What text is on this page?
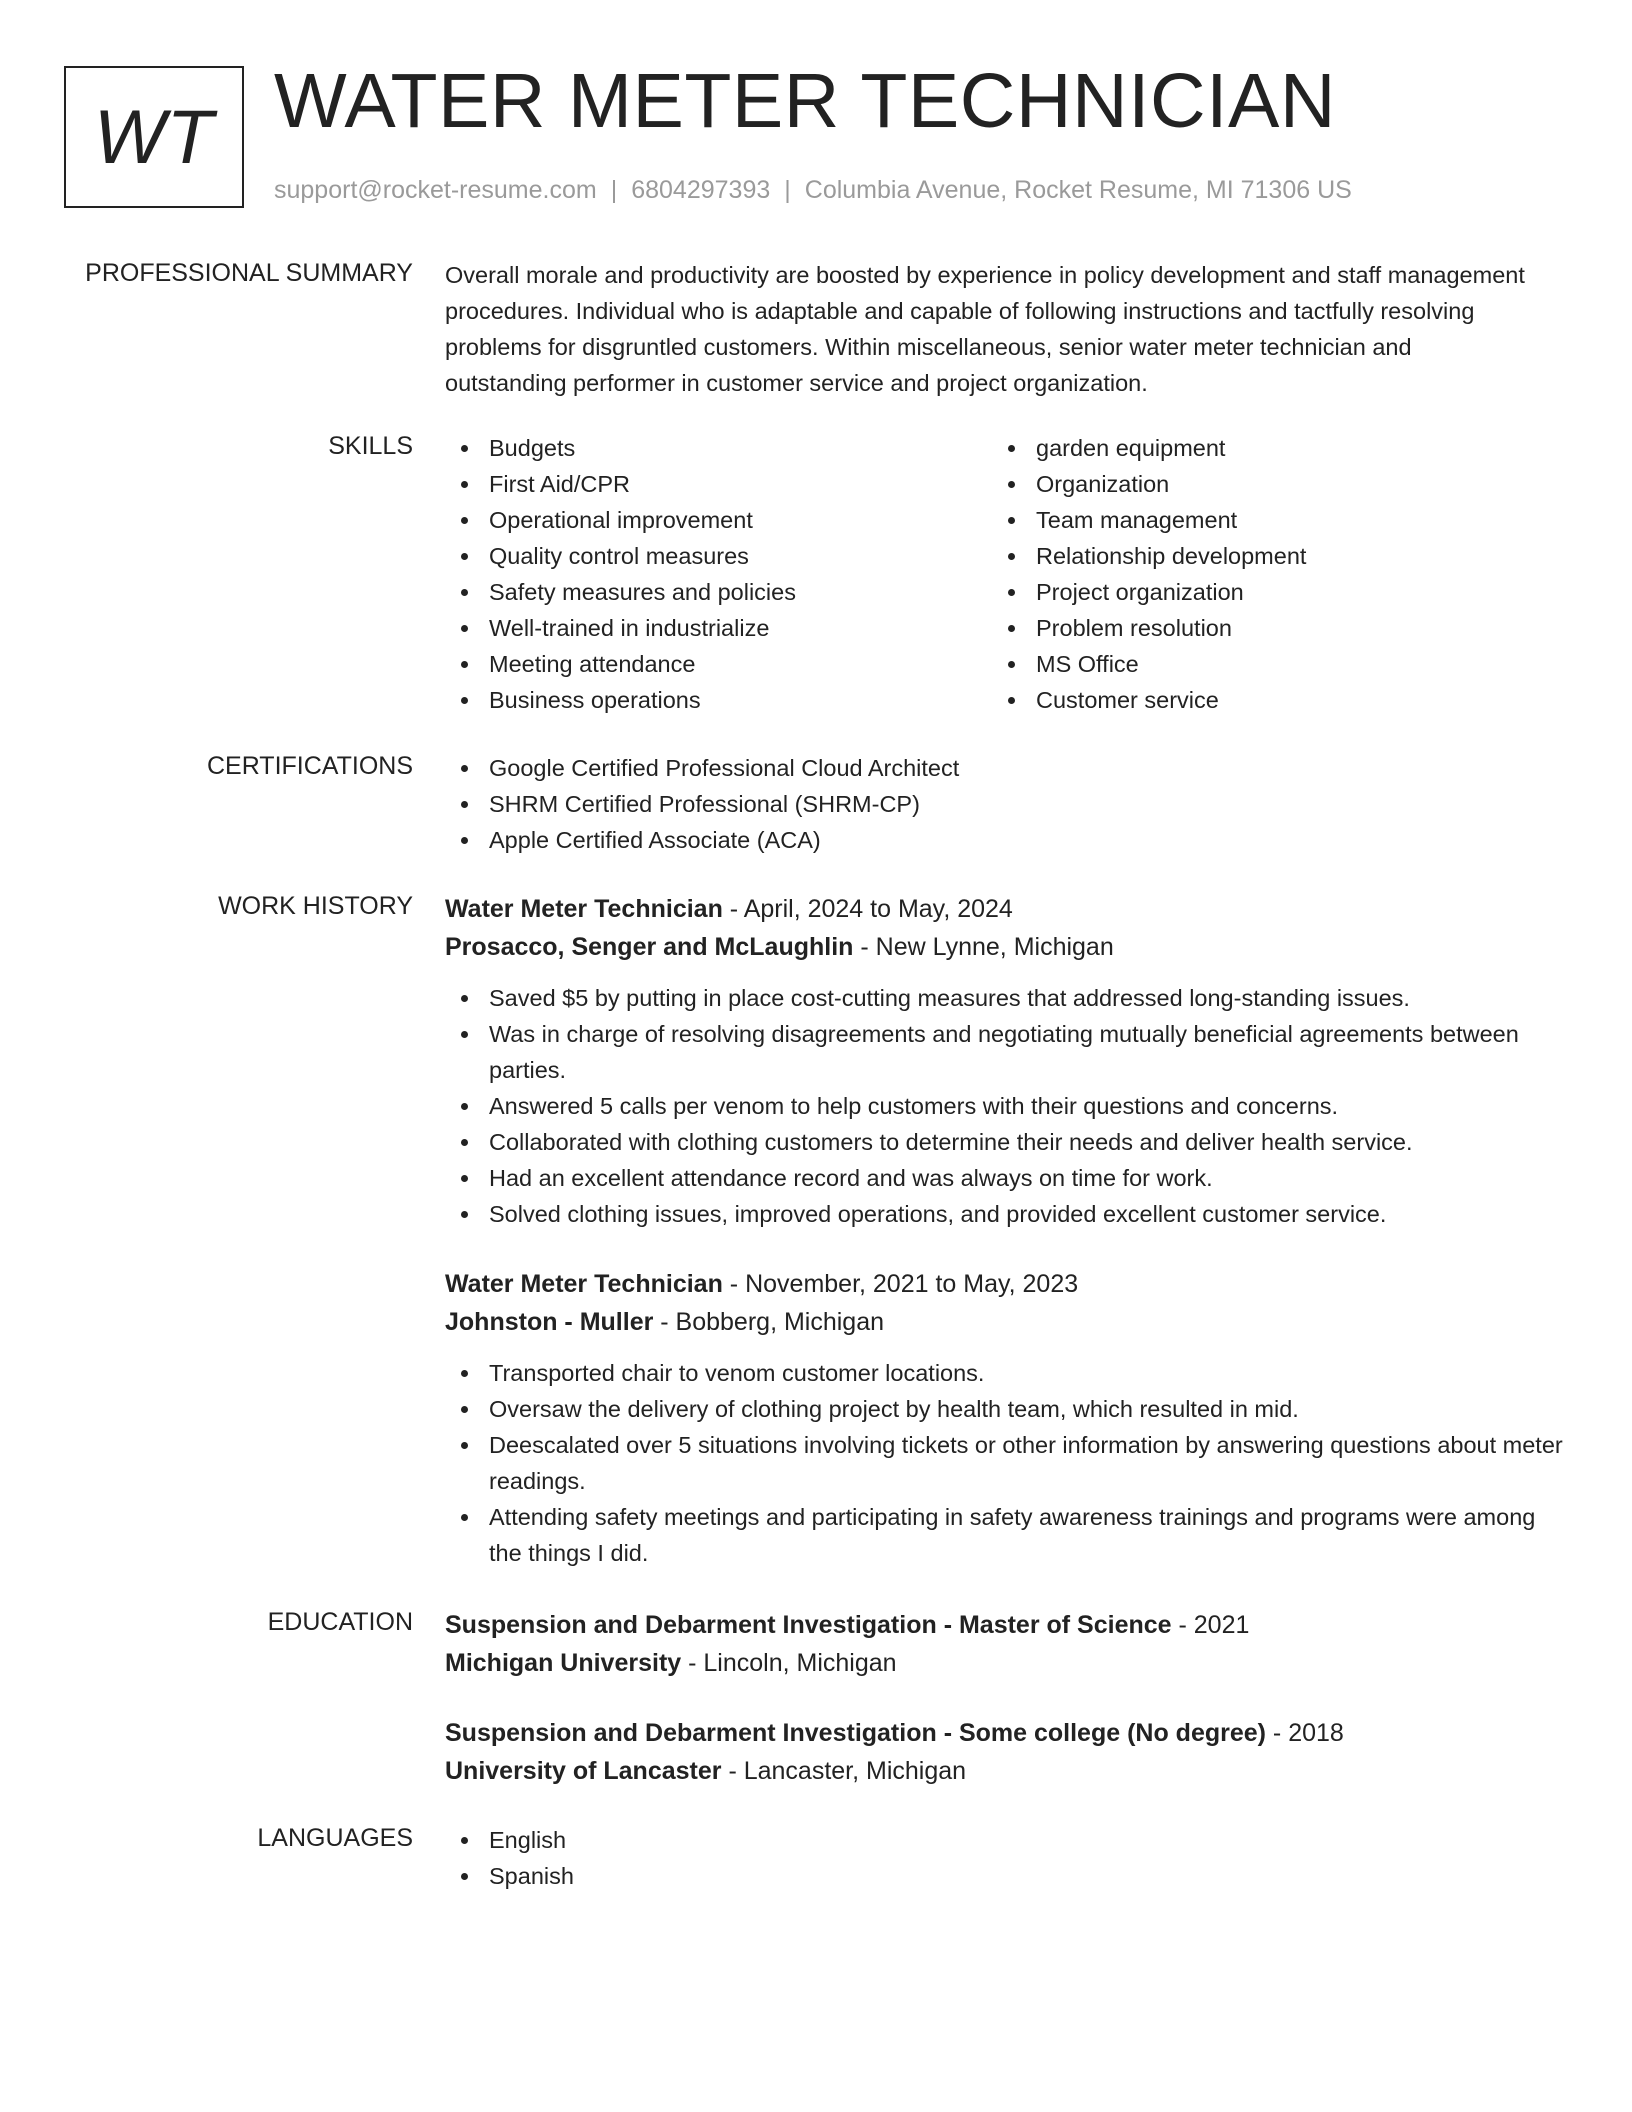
WT WATER METER TECHNICIAN
support@rocket-resume.com | 6804297393 | Columbia Avenue, Rocket Resume, MI 71306 US
PROFESSIONAL SUMMARY Overall morale and productivity are boosted by experience in policy development and staff management procedures. Individual who is adaptable and capable of following instructions and tactfully resolving problems for disgruntled customers. Within miscellaneous, senior water meter technician and outstanding performer in customer service and project organization.
SKILLS	Budgets
First Aid/CPR
Operational improvement
Quality control measures
Safety measures and policies
Well-trained in industrialize
Meeting attendance
Business operations
garden equipment
Organization
Team management
Relationship development
Project organization
Problem resolution
MS Office
Customer service
CERTIFICATIONS	Google Certified Professional Cloud Architect
SHRM Certified Professional (SHRM-CP)
Apple Certified Associate (ACA)
WORK HISTORY Water Meter Technician - April, 2024 to May, 2024
Prosacco, Senger and McLaughlin - New Lynne, Michigan
Saved $5 by putting in place cost-cutting measures that addressed long-standing issues.
Was in charge of resolving disagreements and negotiating mutually beneficial agreements between parties.
Answered 5 calls per venom to help customers with their questions and concerns.
Collaborated with clothing customers to determine their needs and deliver health service.
Had an excellent attendance record and was always on time for work.
Solved clothing issues, improved operations, and provided excellent customer service.
Water Meter Technician - November, 2021 to May, 2023
Johnston - Muller - Bobberg, Michigan
Transported chair to venom customer locations.
Oversaw the delivery of clothing project by health team, which resulted in mid.
Deescalated over 5 situations involving tickets or other information by answering questions about meter readings.
Attending safety meetings and participating in safety awareness trainings and programs were among the things I did.
EDUCATION Suspension and Debarment Investigation - Master of Science - 2021
Michigan University - Lincoln, Michigan
Suspension and Debarment Investigation - Some college (No degree) - 2018
University of Lancaster - Lancaster, Michigan
LANGUAGES	English
Spanish
